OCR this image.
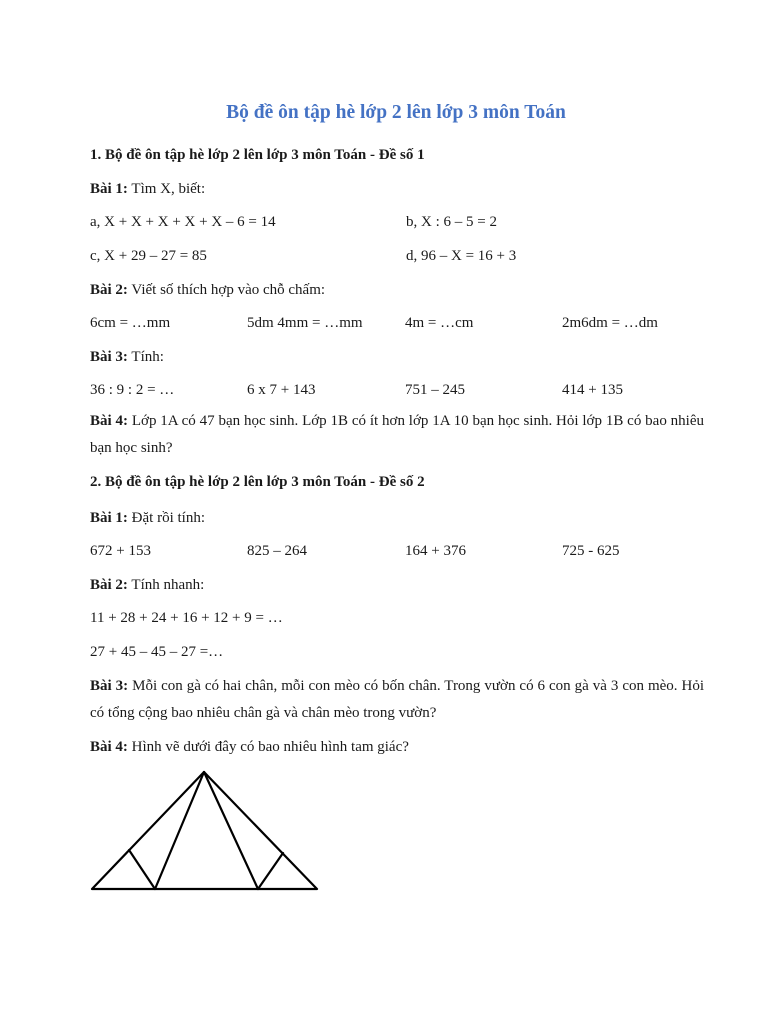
Bộ đề ôn tập hè lớp 2 lên lớp 3 môn Toán
1. Bộ đề ôn tập hè lớp 2 lên lớp 3 môn Toán - Đề số 1
Bài 1: Tìm X, biết:
a, X + X + X + X + X – 6 = 14	b, X : 6 – 5 = 2
c, X + 29 – 27 = 85	d, 96 – X = 16 + 3
Bài 2: Viết số thích hợp vào chỗ chấm:
6cm = …mm	5dm 4mm = …mm	4m = …cm	2m6dm = …dm
Bài 3: Tính:
36 : 9 : 2 = …	6 x 7 + 143	751 – 245	414 + 135
Bài 4: Lớp 1A có 47 bạn học sinh. Lớp 1B có ít hơn lớp 1A 10 bạn học sinh. Hỏi lớp 1B có bao nhiêu bạn học sinh?
2. Bộ đề ôn tập hè lớp 2 lên lớp 3 môn Toán - Đề số 2
Bài 1: Đặt rồi tính:
672 + 153	825 – 264	164 + 376	725 - 625
Bài 2: Tính nhanh:
11 + 28 + 24 + 16 + 12 + 9 = …
27 + 45 – 45 – 27 =…
Bài 3: Mỗi con gà có hai chân, mỗi con mèo có bốn chân. Trong vườn có 6 con gà và 3 con mèo. Hỏi có tổng cộng bao nhiêu chân gà và chân mèo trong vườn?
Bài 4: Hình vẽ dưới đây có bao nhiêu hình tam giác?
